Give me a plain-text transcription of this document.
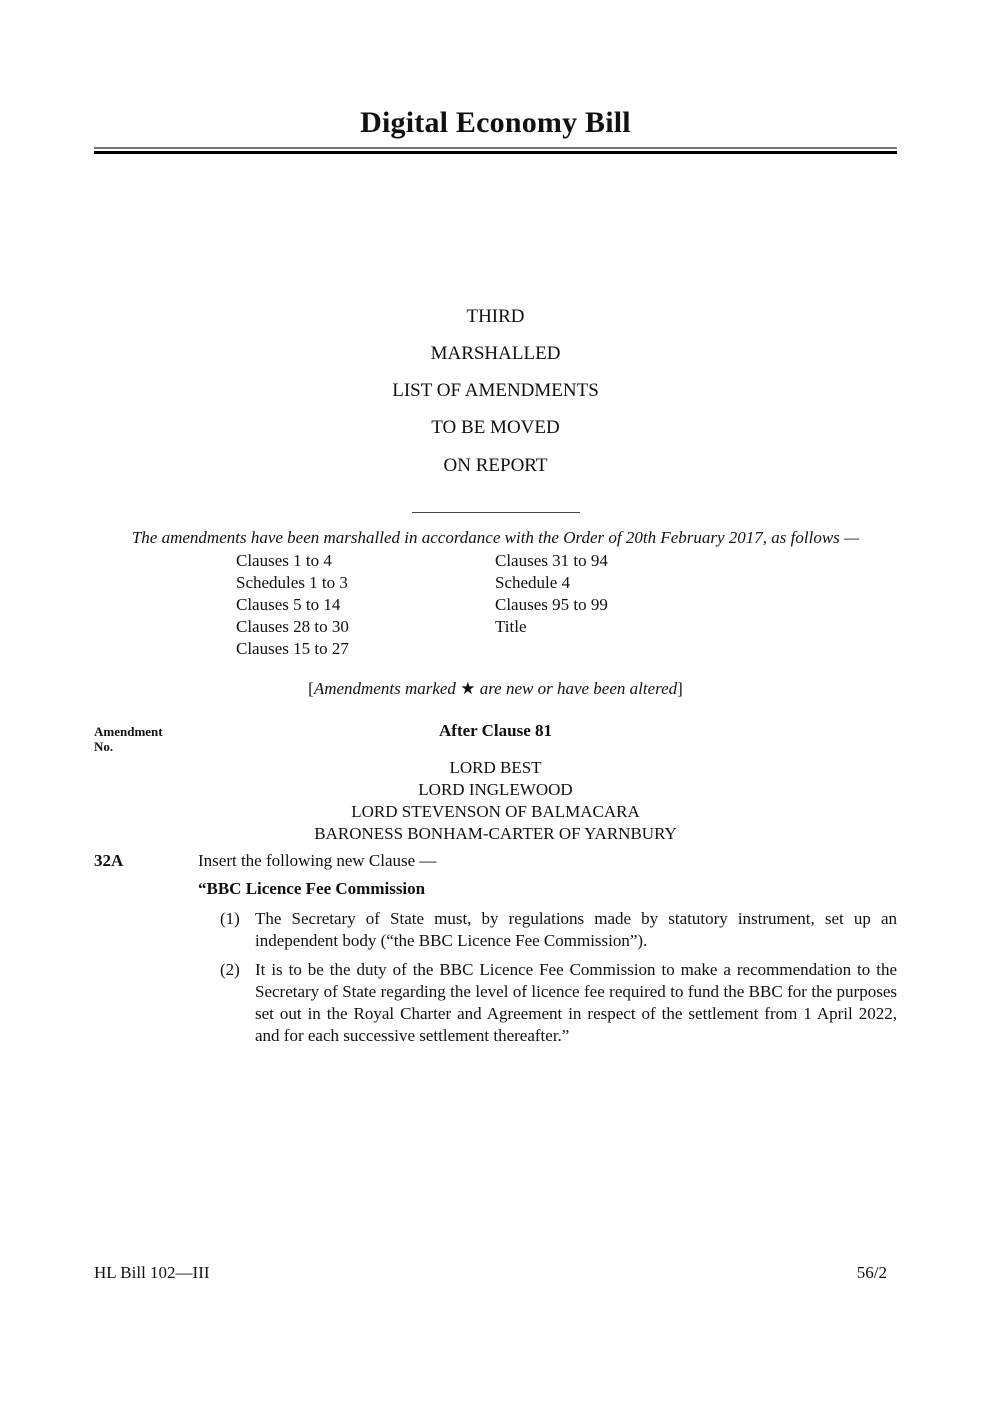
Digital Economy Bill
THIRD
MARSHALLED
LIST OF AMENDMENTS
TO BE MOVED
ON REPORT
The amendments have been marshalled in accordance with the Order of 20th February 2017, as follows —
Clauses 1 to 4
Schedules 1 to 3
Clauses 5 to 14
Clauses 28 to 30
Clauses 15 to 27
Clauses 31 to 94
Schedule 4
Clauses 95 to 99
Title
[Amendments marked ★ are new or have been altered]
Amendment
No.
After Clause 81
LORD BEST
LORD INGLEWOOD
LORD STEVENSON OF BALMACARA
BARONESS BONHAM-CARTER OF YARNBURY
32A	Insert the following new Clause —
“BBC Licence Fee Commission
(1) The Secretary of State must, by regulations made by statutory instrument, set up an independent body (“the BBC Licence Fee Commission”).
(2) It is to be the duty of the BBC Licence Fee Commission to make a recommendation to the Secretary of State regarding the level of licence fee required to fund the BBC for the purposes set out in the Royal Charter and Agreement in respect of the settlement from 1 April 2022, and for each successive settlement thereafter.”
HL Bill 102—III	56/2
